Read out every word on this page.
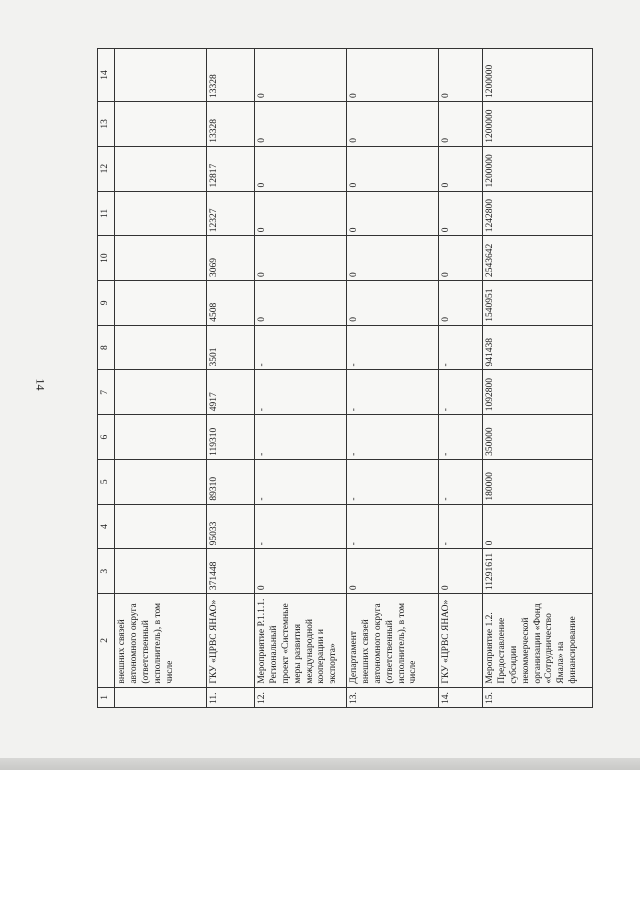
14
1	2	3	4	5	6	7	8	9	10	11	12	13	14
	внешних связей автономного округа (ответственный исполнитель), в том числе												
11.	ГКУ «ЦРВС ЯНАО»	371448	95033	89310	119310	4917	3501	4508	3069	12327	12817	13328	13328
12.	Мероприятие Р.1.1.1. Региональный проект «Системные меры развития международной кооперации и экспорта»	0	-	-	-	-	-	0	0	0	0	0	0
13.	Департамент внешних связей автономного округа (ответственный исполнитель), в том числе	0	-	-	-	-	-	0	0	0	0	0	0
14.	ГКУ «ЦРВС ЯНАО»	0	-	-	-	-	-	0	0	0	0	0	0
15.	Мероприятие 1.2. Предоставление субсидии некоммерческой организации «Фонд «Сотрудничество Ямала» на финансирование	11291611	0	180000	350000	1092800	941438	1540951	2543642	1242800	1200000	1200000	1200000
